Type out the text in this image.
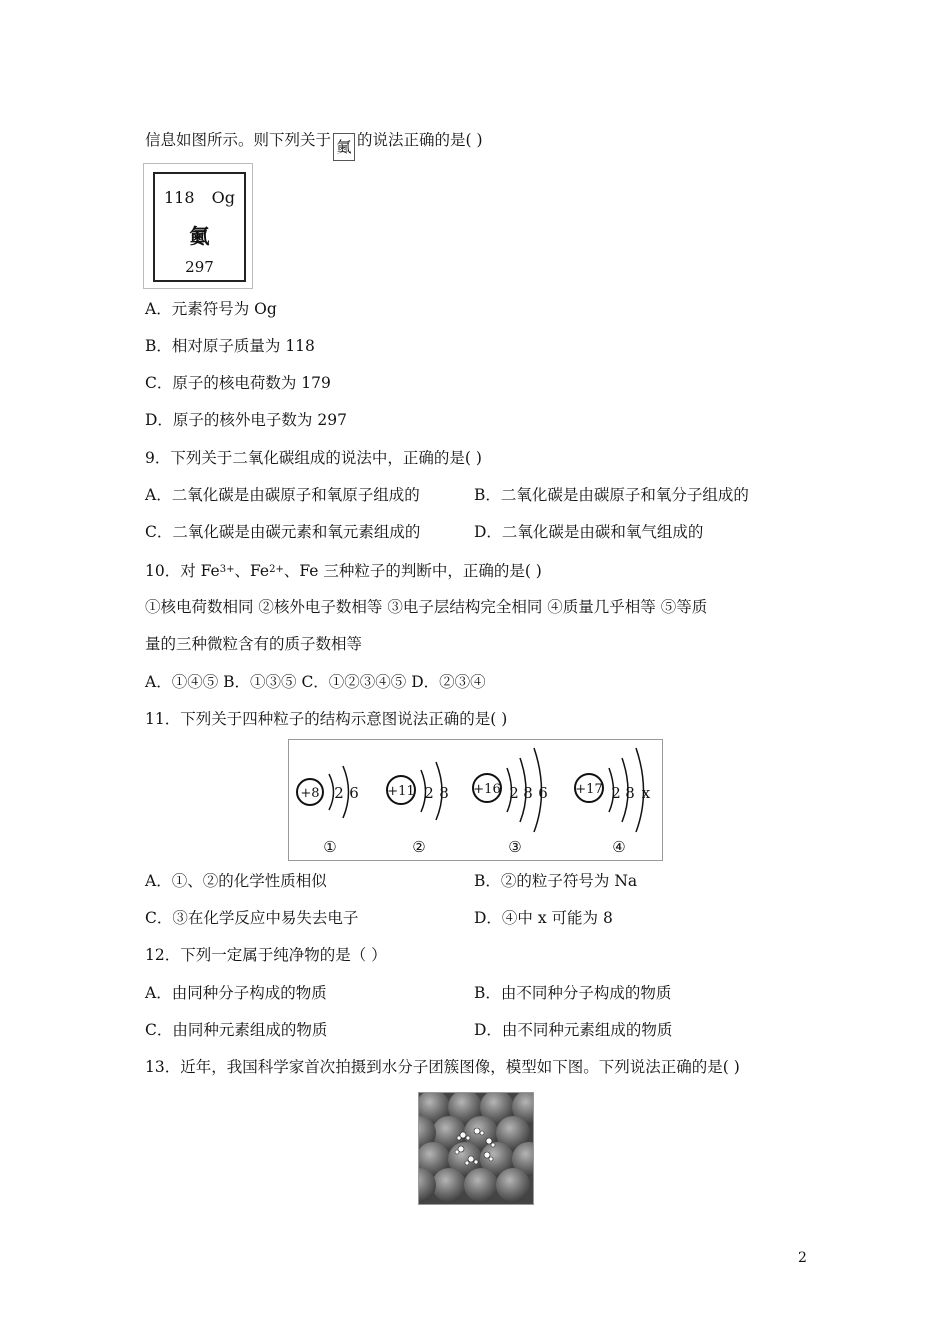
信息如图所示。则下列关于 鿫 的说法正确的是( )
118 Og
鿫
297
A．元素符号为 Og
B．相对原子质量为 118
C．原子的核电荷数为 179
D．原子的核外电子数为 297
9．下列关于二氧化碳组成的说法中，正确的是( )
A．二氧化碳是由碳原子和氧原子组成的	B．二氧化碳是由碳原子和氧分子组成的
C．二氧化碳是由碳元素和氧元素组成的	D．二氧化碳是由碳和氧气组成的
10．对 $Fe^{3+}$、$Fe^{2+}$、Fe 三种粒子的判断中，正确的是( )
①核电荷数相同 ②核外电子数相等 ③电子层结构完全相同 ④质量几乎相等 ⑤等质
量的三种微粒含有的质子数相等
A．①④⑤ B．①③⑤ C．①②③④⑤ D．②③④
11．下列关于四种粒子的结构示意图说法正确的是( )
+8 2 6
①
+11 2 8
②
+16 2 8 6
③
+17 2 8 x
④
A．①、②的化学性质相似	B．②的粒子符号为 Na
C．③在化学反应中易失去电子	D．④中 x 可能为 8
12．下列一定属于纯净物的是（ ）
A．由同种分子构成的物质	B．由不同种分子构成的物质
C．由同种元素组成的物质	D．由不同种元素组成的物质
13．近年，我国科学家首次拍摄到水分子团簇图像，模型如下图。下列说法正确的是( )
2
